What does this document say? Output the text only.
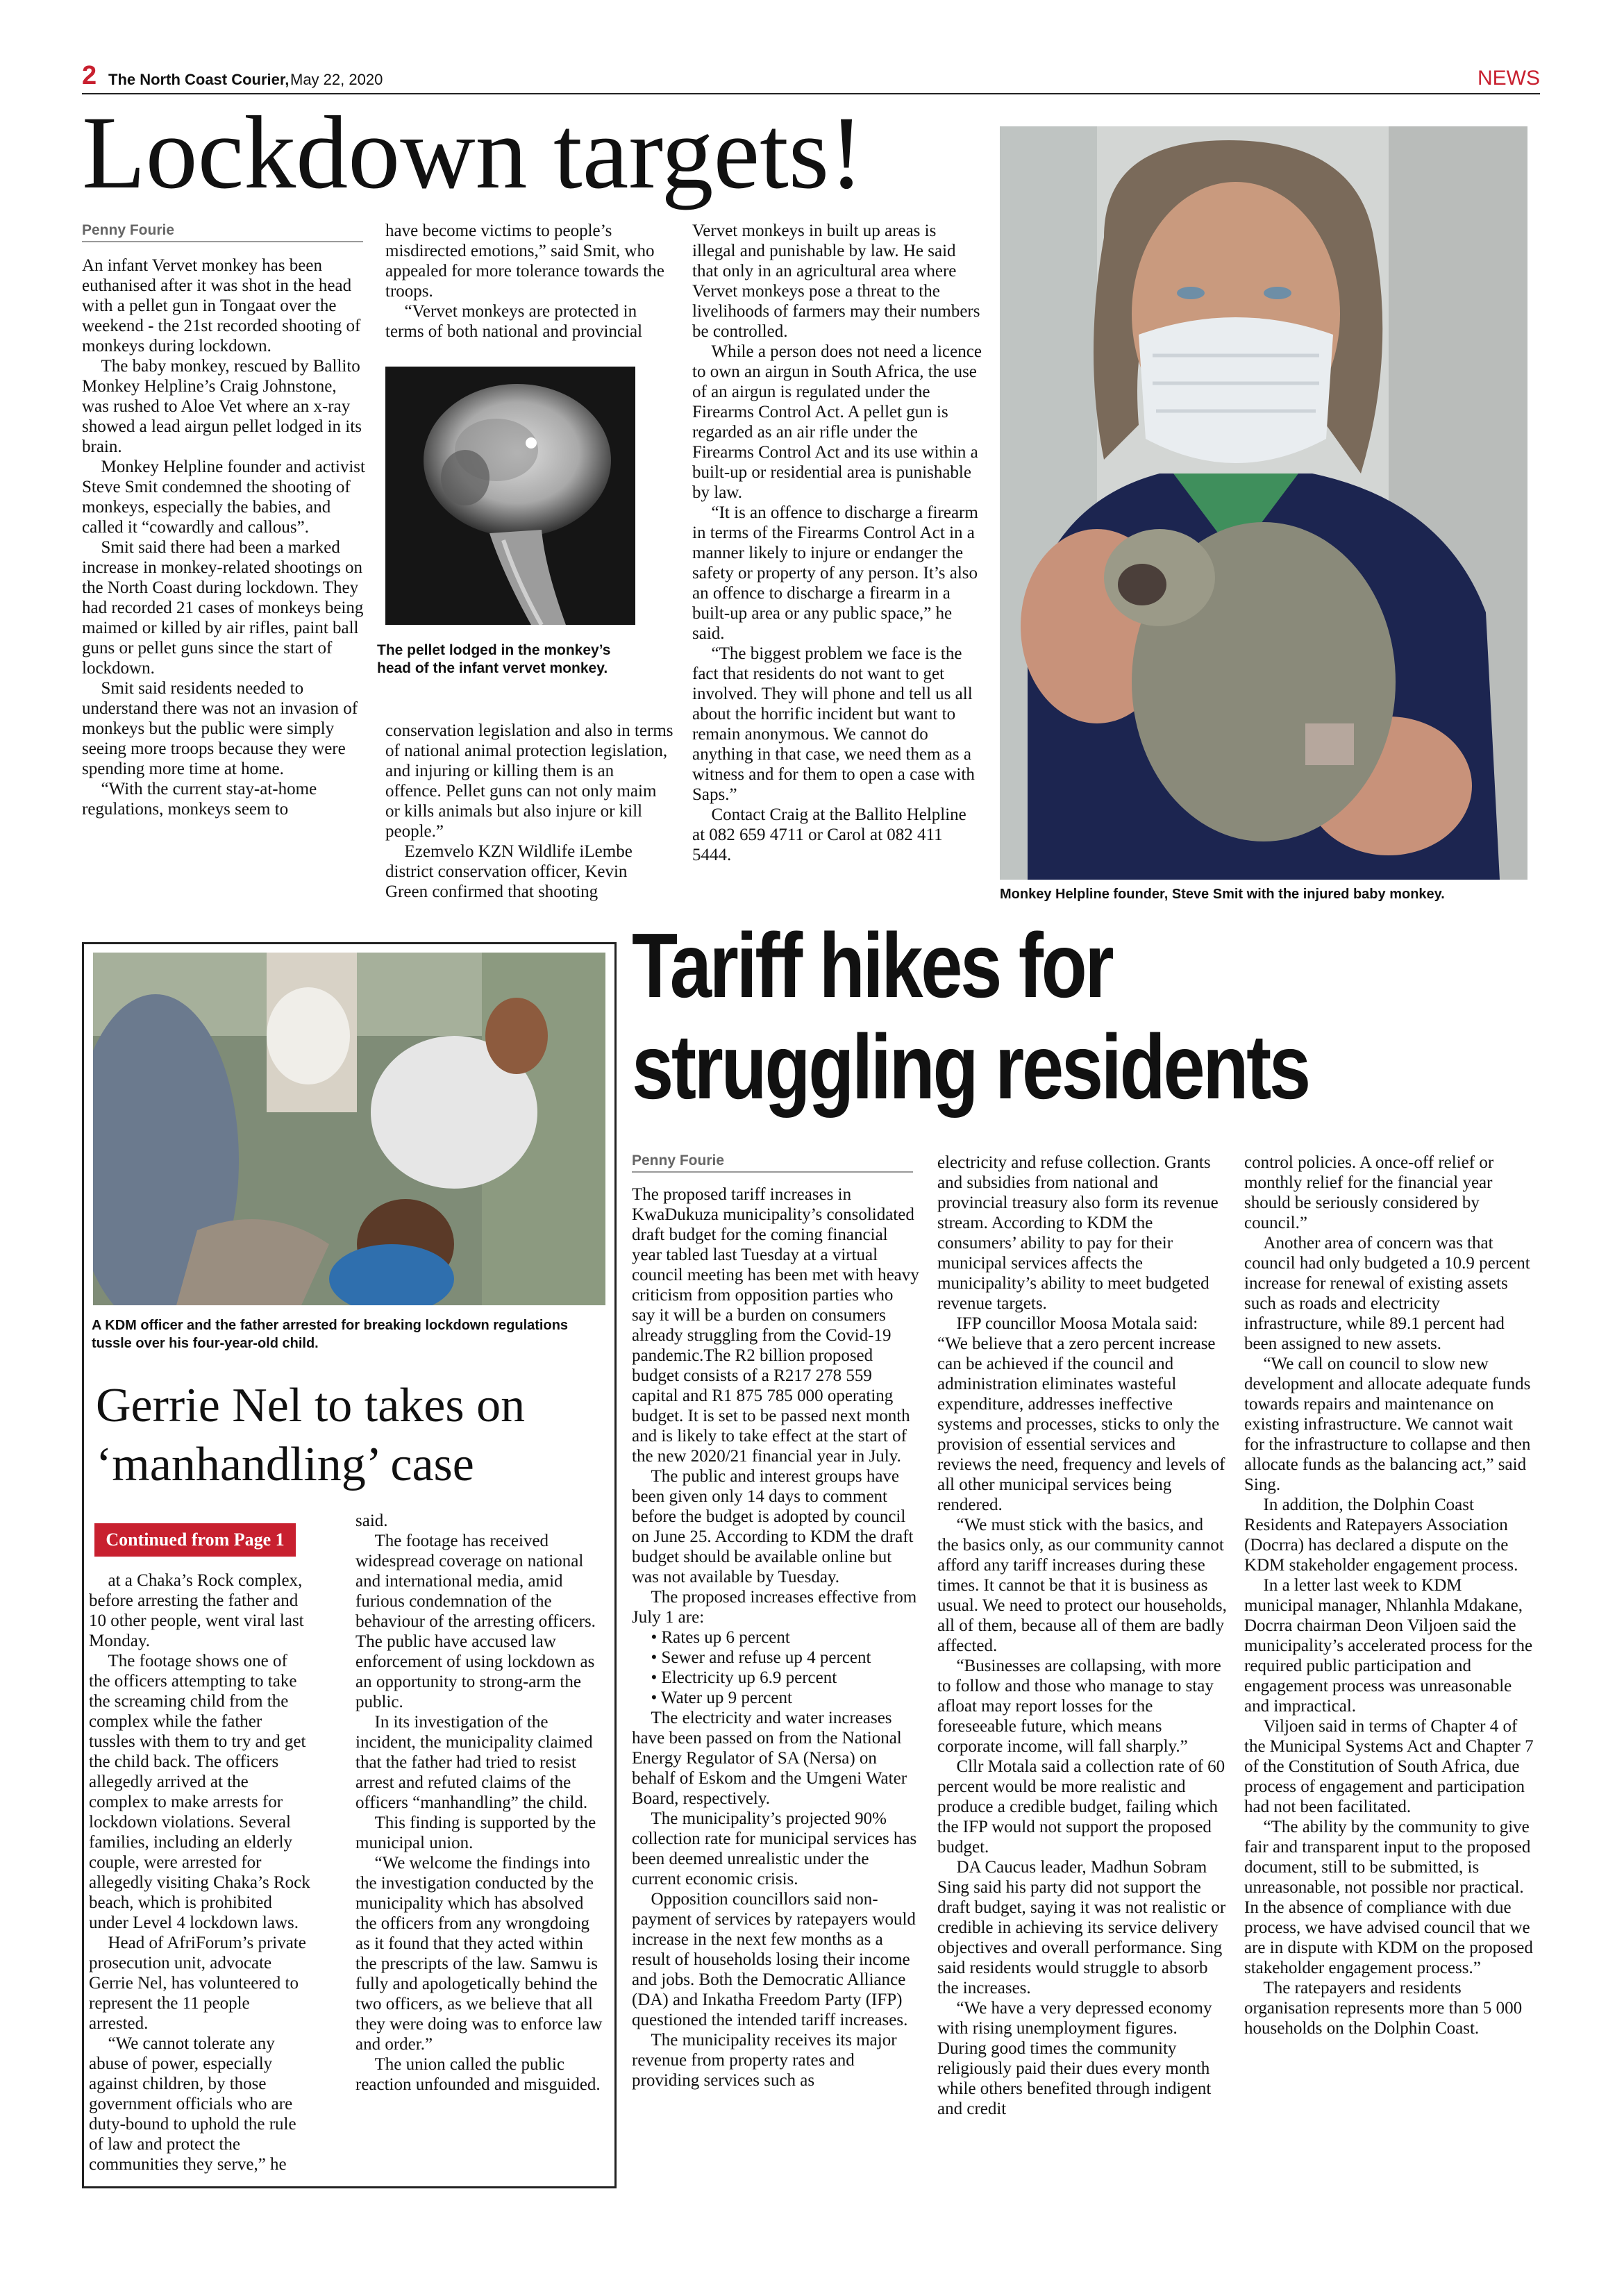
2 The North Coast Courier, May 22, 2020	NEWS
Lockdown targets!
Penny Fourie

An infant Vervet monkey has been euthanised after it was shot in the head with a pellet gun in Tongaat over the weekend - the 21st recorded shooting of monkeys during lockdown.

The baby monkey, rescued by Ballito Monkey Helpline’s Craig Johnstone, was rushed to Aloe Vet where an x-ray showed a lead airgun pellet lodged in its brain.

Monkey Helpline founder and activist Steve Smit condemned the shooting of monkeys, especially the babies, and called it “cowardly and callous”.

Smit said there had been a marked increase in monkey-related shootings on the North Coast during lockdown. They had recorded 21 cases of monkeys being maimed or killed by air rifles, paint ball guns or pellet guns since the start of lockdown.

Smit said residents needed to understand there was not an invasion of monkeys but the public were simply seeing more troops because they were spending more time at home.

“With the current stay-at-home regulations, monkeys seem to

have become victims to people’s misdirected emotions,” said Smit, who appealed for more tolerance towards the troops.

“Vervet monkeys are protected in terms of both national and provincial

The pellet lodged in the monkey’s head of the infant vervet monkey.

conservation legislation and also in terms of national animal protection legislation, and injuring or killing them is an offence. Pellet guns can not only maim or kills animals but also injure or kill people.”

Ezemvelo KZN Wildlife iLembe district conservation officer, Kevin Green confirmed that shooting

Vervet monkeys in built up areas is illegal and punishable by law. He said that only in an agricultural area where Vervet monkeys pose a threat to the livelihoods of farmers may their numbers be controlled.

While a person does not need a licence to own an airgun in South Africa, the use of an airgun is regulated under the Firearms Control Act. A pellet gun is regarded as an air rifle under the Firearms Control Act and its use within a built-up or residential area is punishable by law.

“It is an offence to discharge a firearm in terms of the Firearms Control Act in a manner likely to injure or endanger the safety or property of any person. It’s also an offence to discharge a firearm in a built-up area or any public space,” he said.

“The biggest problem we face is the fact that residents do not want to get involved. They will phone and tell us all about the horrific incident but want to remain anonymous. We cannot do anything in that case, we need them as a witness and for them to open a case with Saps.”

Contact Craig at the Ballito Helpline at 082 659 4711 or Carol at 082 411 5444.

Monkey Helpline founder, Steve Smit with the injured baby monkey.
A KDM officer and the father arrested for breaking lockdown regulations tussle over his four-year-old child.
Gerrie Nel to takes on
‘manhandling’ case
Continued from Page 1

at a Chaka’s Rock complex, before arresting the father and 10 other people, went viral last Monday.

The footage shows one of the officers attempting to take the screaming child from the complex while the father tussles with them to try and get the child back. The officers allegedly arrived at the complex to make arrests for lockdown violations. Several families, including an elderly couple, were arrested for allegedly visiting Chaka’s Rock beach, which is prohibited under Level 4 lockdown laws.

Head of AfriForum’s private prosecution unit, advocate Gerrie Nel, has volunteered to represent the 11 people arrested.

“We cannot tolerate any abuse of power, especially against children, by those government officials who are duty-bound to uphold the rule of law and protect the communities they serve,” he

said.

The footage has received widespread coverage on national and international media, amid furious condemnation of the behaviour of the arresting officers. The public have accused law enforcement of using lockdown as an opportunity to strong-arm the public.

In its investigation of the incident, the municipality claimed that the father had tried to resist arrest and refuted claims of the officers “manhandling” the child.

This finding is supported by the municipal union.

“We welcome the findings into the investigation conducted by the municipality which has absolved the officers from any wrongdoing as it found that they acted within the prescripts of the law. Samwu is fully and apologetically behind the two officers, as we believe that all they were doing was to enforce law and order.”

The union called the public reaction unfounded and misguided.

Tariff hikes for
struggling residents
Penny Fourie

The proposed tariff increases in KwaDukuza municipality’s consolidated draft budget for the coming financial year tabled last Tuesday at a virtual council meeting has been met with heavy criticism from opposition parties who say it will be a burden on consumers already struggling from the Covid-19 pandemic.The R2 billion proposed budget consists of a R217 278 559 capital and R1 875 785 000 operating budget. It is set to be passed next month and is likely to take effect at the start of the new 2020/21 financial year in July.

The public and interest groups have been given only 14 days to comment before the budget is adopted by council on June 25. According to KDM the draft budget should be available online but was not available by Tuesday.

The proposed increases effective from July 1 are:

• Rates up 6 percent

• Sewer and refuse up 4 percent

• Electricity up 6.9 percent

• Water up 9 percent

The electricity and water increases have been passed on from the National Energy Regulator of SA (Nersa) on behalf of Eskom and the Umgeni Water Board, respectively.

The municipality’s projected 90% collection rate for municipal services has been deemed unrealistic under the current economic crisis.

Opposition councillors said non-payment of services by ratepayers would increase in the next few months as a result of households losing their income and jobs. Both the Democratic Alliance (DA) and Inkatha Freedom Party (IFP) questioned the intended tariff increases.

The municipality receives its major revenue from property rates and providing services such as

electricity and refuse collection. Grants and subsidies from national and provincial treasury also form its revenue stream. According to KDM the consumers’ ability to pay for their municipal services affects the municipality’s ability to meet budgeted revenue targets.

IFP councillor Moosa Motala said: “We believe that a zero percent increase can be achieved if the council and administration eliminates wasteful expenditure, addresses ineffective systems and processes, sticks to only the provision of essential services and reviews the need, frequency and levels of all other municipal services being rendered.

“We must stick with the basics, and the basics only, as our community cannot afford any tariff increases during these times. It cannot be that it is business as usual. We need to protect our households, all of them, because all of them are badly affected.

“Businesses are collapsing, with more to follow and those who manage to stay afloat may report losses for the foreseeable future, which means corporate income, will fall sharply.”

Cllr Motala said a collection rate of 60 percent would be more realistic and produce a credible budget, failing which the IFP would not support the proposed budget.

DA Caucus leader, Madhun Sobram Sing said his party did not support the draft budget, saying it was not realistic or credible in achieving its service delivery objectives and overall performance. Sing said residents would struggle to absorb the increases.

“We have a very depressed economy with rising unemployment figures. During good times the community religiously paid their dues every month while others benefited through indigent and credit

control policies. A once-off relief or monthly relief for the financial year should be seriously considered by council.”

Another area of concern was that council had only budgeted a 10.9 percent increase for renewal of existing assets such as roads and electricity infrastructure, while 89.1 percent had been assigned to new assets.

“We call on council to slow new development and allocate adequate funds towards repairs and maintenance on existing infrastructure. We cannot wait for the infrastructure to collapse and then allocate funds as the balancing act,” said Sing.

In addition, the Dolphin Coast Residents and Ratepayers Association (Docrra) has declared a dispute on the KDM stakeholder engagement process.

In a letter last week to KDM municipal manager, Nhlanhla Mdakane, Docrra chairman Deon Viljoen said the municipality’s accelerated process for the required public participation and engagement process was unreasonable and impractical.

Viljoen said in terms of Chapter 4 of the Municipal Systems Act and Chapter 7 of the Constitution of South Africa, due process of engagement and participation had not been facilitated.

“The ability by the community to give fair and transparent input to the proposed document, still to be submitted, is unreasonable, not possible nor practical. In the absence of compliance with due process, we have advised council that we are in dispute with KDM on the proposed stakeholder engagement process.”

The ratepayers and residents organisation represents more than 5 000 households on the Dolphin Coast.
